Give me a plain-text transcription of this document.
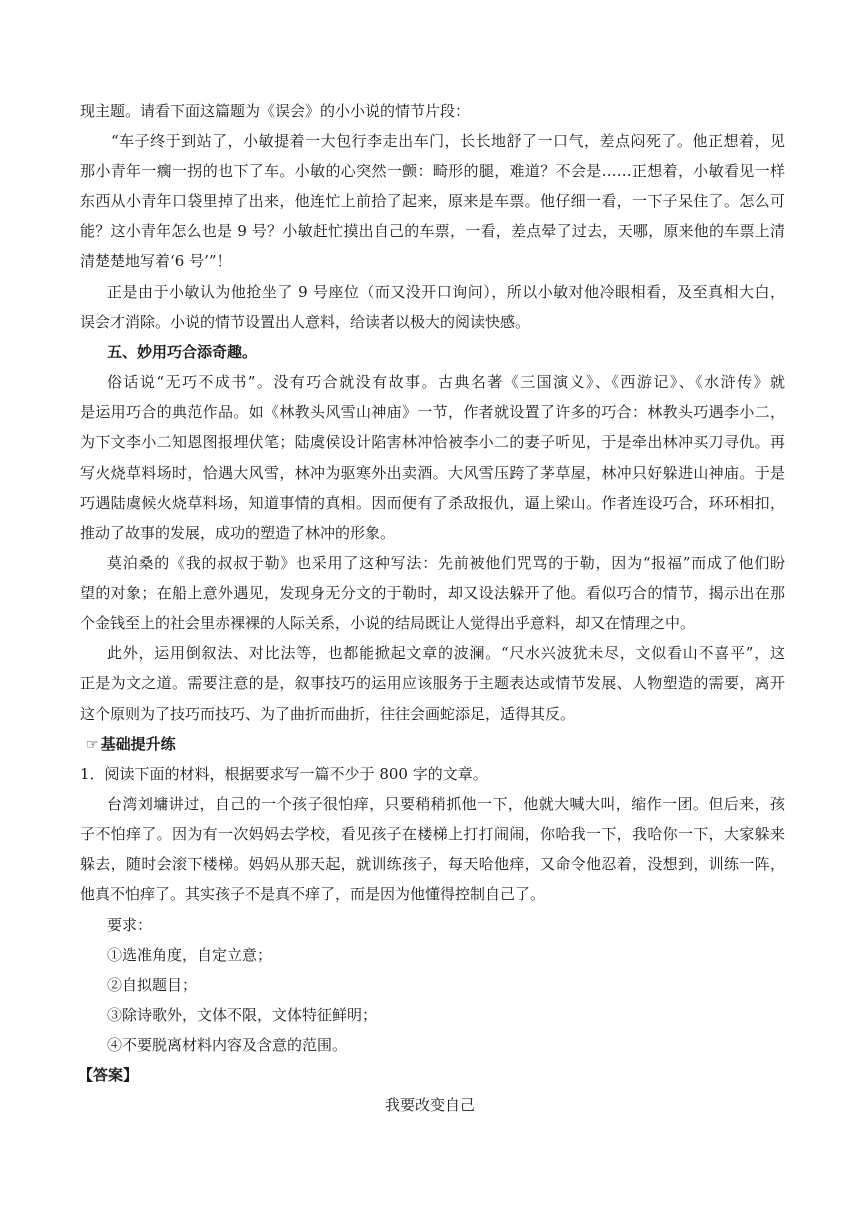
现主题。请看下面这篇题为《误会》的小小说的情节片段：
“车子终于到站了，小敏提着一大包行李走出车门，长长地舒了一口气，差点闷死了。他正想着，见
那小青年一瘸一拐的也下了车。小敏的心突然一颤：畸形的腿，难道？不会是……正想着，小敏看见一样
东西从小青年口袋里掉了出来，他连忙上前拾了起来，原来是车票。他仔细一看，一下子呆住了。怎么可
能？这小青年怎么也是 9 号？小敏赶忙摸出自己的车票，一看，差点晕了过去，天哪，原来他的车票上清
清楚楚地写着‘6 号’”！
正是由于小敏认为他抢坐了 9 号座位（而又没开口询问），所以小敏对他冷眼相看，及至真相大白，
误会才消除。小说的情节设置出人意料，给读者以极大的阅读快感。
五、妙用巧合添奇趣。
俗话说“无巧不成书”。没有巧合就没有故事。古典名著《三国演义》、《西游记》、《水浒传》就
是运用巧合的典范作品。如《林教头风雪山神庙》一节，作者就设置了许多的巧合：林教头巧遇李小二，
为下文李小二知恩图报埋伏笔；陆虞侯设计陷害林冲恰被李小二的妻子听见，于是牵出林冲买刀寻仇。再
写火烧草料场时，恰遇大风雪，林冲为驱寒外出卖酒。大风雪压跨了茅草屋，林冲只好躲进山神庙。于是
巧遇陆虞候火烧草料场，知道事情的真相。因而便有了杀敌报仇，逼上梁山。作者连设巧合，环环相扣，
推动了故事的发展，成功的塑造了林冲的形象。
莫泊桑的《我的叔叔于勒》也采用了这种写法：先前被他们咒骂的于勒，因为“报福”而成了他们盼
望的对象；在船上意外遇见，发现身无分文的于勒时，却又设法躲开了他。看似巧合的情节，揭示出在那
个金钱至上的社会里赤裸裸的人际关系，小说的结局既让人觉得出乎意料，却又在情理之中。
此外，运用倒叙法、对比法等，也都能掀起文章的波澜。“尺水兴波犹未尽，文似看山不喜平”，这
正是为文之道。需要注意的是，叙事技巧的运用应该服务于主题表达或情节发展、人物塑造的需要，离开
这个原则为了技巧而技巧、为了曲折而曲折，往往会画蛇添足，适得其反。
☞ 基础提升练
1．阅读下面的材料，根据要求写一篇不少于 800 字的文章。
台湾刘墉讲过，自己的一个孩子很怕痒，只要稍稍抓他一下，他就大喊大叫，缩作一团。但后来，孩
子不怕痒了。因为有一次妈妈去学校，看见孩子在楼梯上打打闹闹，你哈我一下，我哈你一下，大家躲来
躲去，随时会滚下楼梯。妈妈从那天起，就训练孩子，每天哈他痒，又命令他忍着，没想到，训练一阵，
他真不怕痒了。其实孩子不是真不痒了，而是因为他懂得控制自己了。
要求：
①选准角度，自定立意；
②自拟题目；
③除诗歌外，文体不限，文体特征鲜明；
④不要脱离材料内容及含意的范围。
【答案】
我要改变自己
